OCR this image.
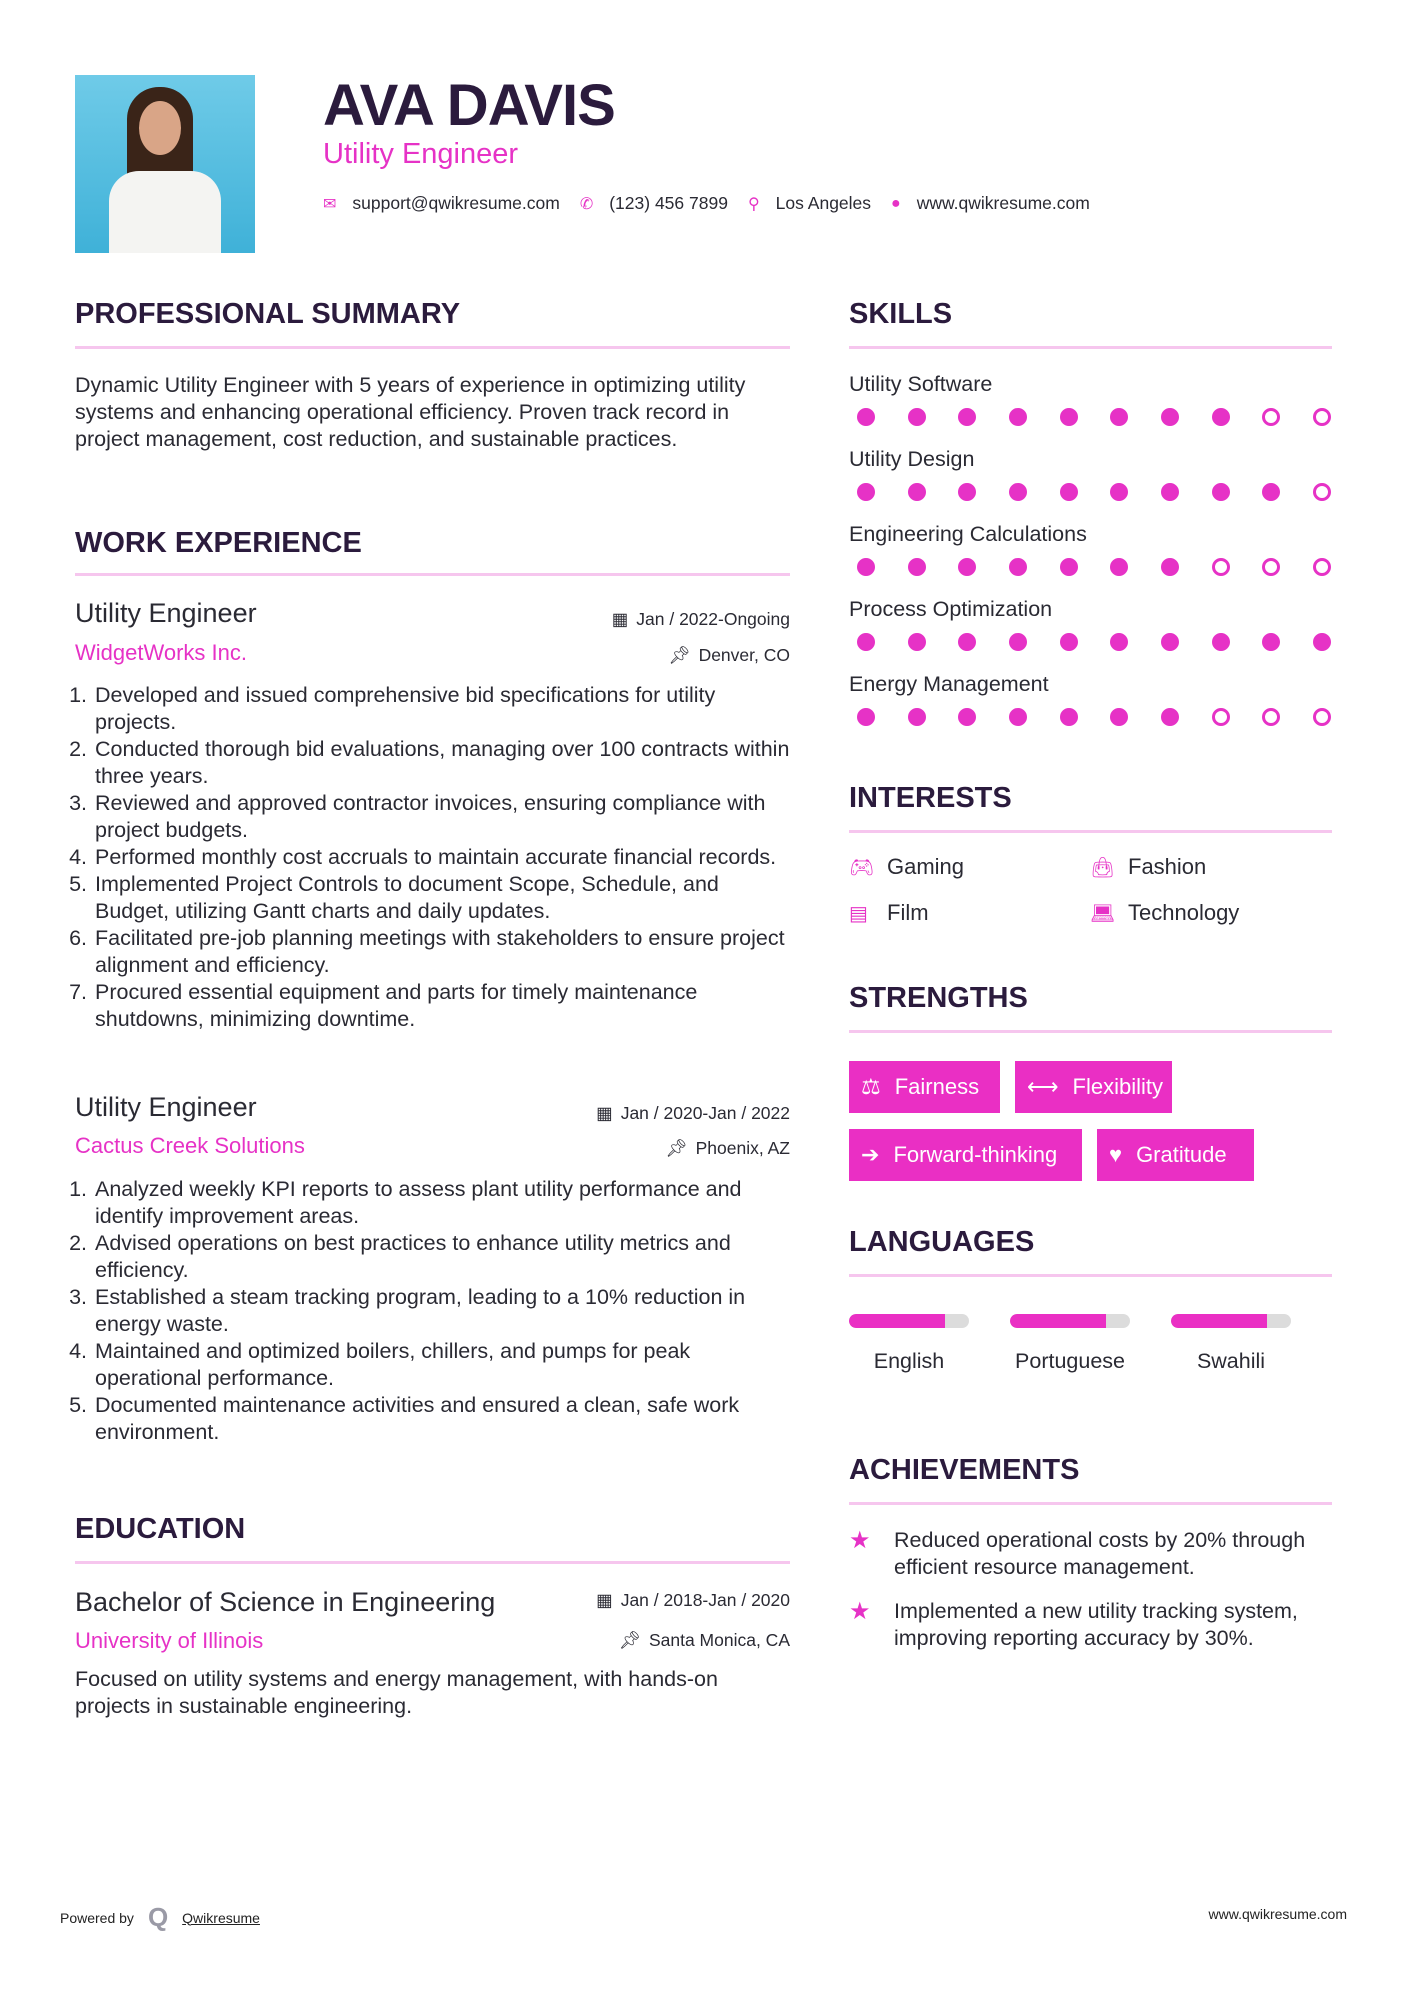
AVA DAVIS
Utility Engineer
✉ support@qwikresume.com ✆ (123) 456 7899 ⚲ Los Angeles ● www.qwikresume.com
PROFESSIONAL SUMMARY
Dynamic Utility Engineer with 5 years of experience in optimizing utility systems and enhancing operational efficiency. Proven track record in project management, cost reduction, and sustainable practices.
WORK EXPERIENCE
Utility Engineer	▦ Jan / 2022-Ongoing
WidgetWorks Inc.	📌︎ Denver, CO
1. Developed and issued comprehensive bid specifications for utility projects.
2. Conducted thorough bid evaluations, managing over 100 contracts within three years.
3. Reviewed and approved contractor invoices, ensuring compliance with project budgets.
4. Performed monthly cost accruals to maintain accurate financial records.
5. Implemented Project Controls to document Scope, Schedule, and Budget, utilizing Gantt charts and daily updates.
6. Facilitated pre-job planning meetings with stakeholders to ensure project alignment and efficiency.
7. Procured essential equipment and parts for timely maintenance shutdowns, minimizing downtime.
Utility Engineer	▦ Jan / 2020-Jan / 2022
Cactus Creek Solutions	📌︎ Phoenix, AZ
1. Analyzed weekly KPI reports to assess plant utility performance and identify improvement areas.
2. Advised operations on best practices to enhance utility metrics and efficiency.
3. Established a steam tracking program, leading to a 10% reduction in energy waste.
4. Maintained and optimized boilers, chillers, and pumps for peak operational performance.
5. Documented maintenance activities and ensured a clean, safe work environment.
EDUCATION
Bachelor of Science in Engineering	▦ Jan / 2018-Jan / 2020
University of Illinois	📌︎ Santa Monica, CA
Focused on utility systems and energy management, with hands-on projects in sustainable engineering.
SKILLS
Utility Software
Utility Design
Engineering Calculations
Process Optimization
Energy Management
INTERESTS
🎮︎ Gaming	👜︎ Fashion
▤ Film	💻︎ Technology
STRENGTHS
⚖ Fairness ⟷ Flexibility
➔ Forward-thinking ♥ Gratitude
LANGUAGES
English	Portuguese	Swahili
ACHIEVEMENTS
★	Reduced operational costs by 20% through efficient resource management.
★	Implemented a new utility tracking system, improving reporting accuracy by 30%.
Powered by Q Qwikresume	www.qwikresume.com
